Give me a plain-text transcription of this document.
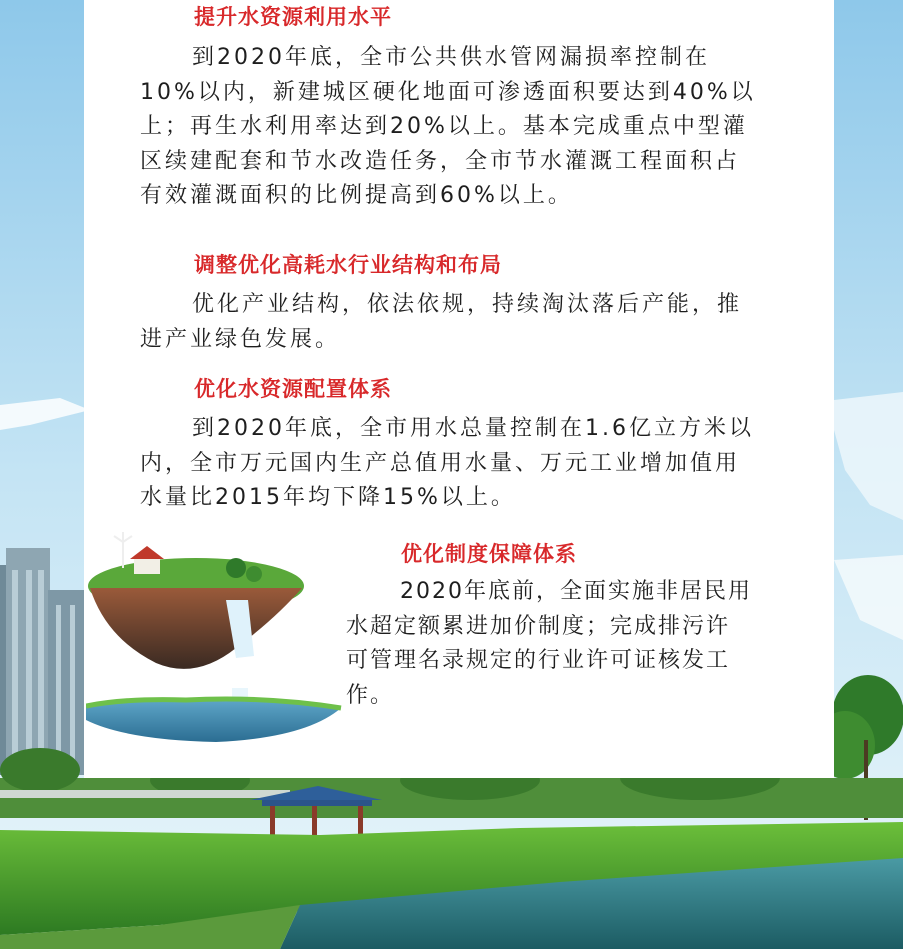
提升水资源利用水平
到2020年底，全市公共供水管网漏损率控制在
10%以内，新建城区硬化地面可渗透面积要达到40%以
上；再生水利用率达到20%以上。基本完成重点中型灌
区续建配套和节水改造任务，全市节水灌溉工程面积占
有效灌溉面积的比例提高到60%以上。
调整优化高耗水行业结构和布局
优化产业结构，依法依规，持续淘汰落后产能，推
进产业绿色发展。
优化水资源配置体系
到2020年底，全市用水总量控制在1.6亿立方米以
内，全市万元国内生产总值用水量、万元工业增加值用
水量比2015年均下降15%以上。
优化制度保障体系
2020年底前，全面实施非居民用
水超定额累进加价制度；完成排污许
可管理名录规定的行业许可证核发工
作。
